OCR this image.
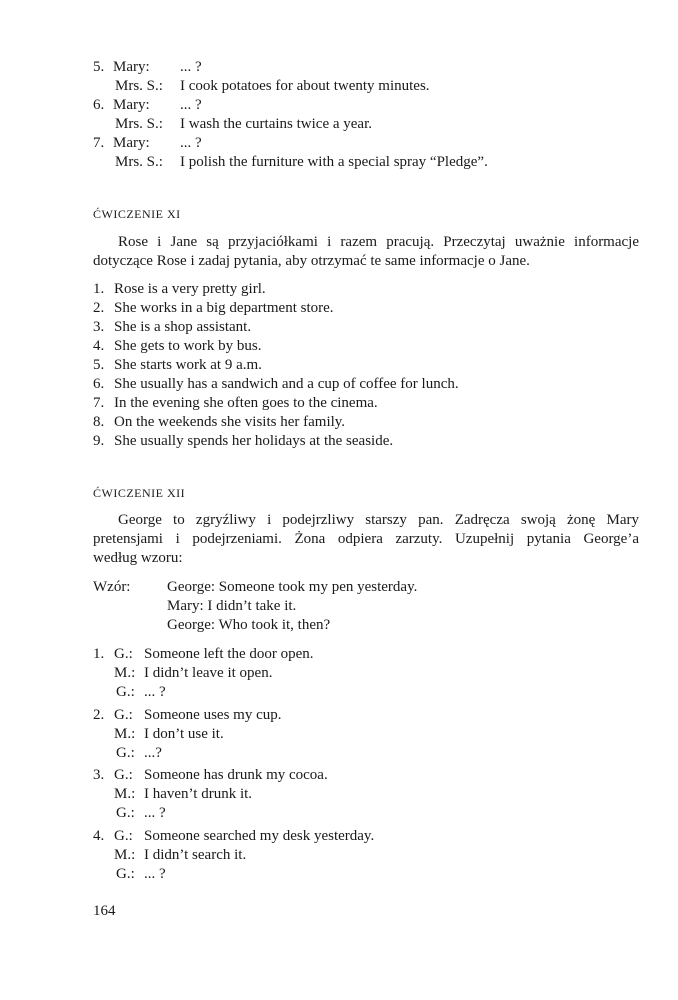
5. Mary: ... ?
Mrs. S.: I cook potatoes for about twenty minutes.
6. Mary: ... ?
Mrs. S.: I wash the curtains twice a year.
7. Mary: ... ?
Mrs. S.: I polish the furniture with a special spray “Pledge”.
ĆWICZENIE XI
Rose i Jane są przyjaciółkami i razem pracują. Przeczytaj uważnie informacje
dotyczące Rose i zadaj pytania, aby otrzymać te same informacje o Jane.
1. Rose is a very pretty girl.
2. She works in a big department store.
3. She is a shop assistant.
4. She gets to work by bus.
5. She starts work at 9 a.m.
6. She usually has a sandwich and a cup of coffee for lunch.
7. In the evening she often goes to the cinema.
8. On the weekends she visits her family.
9. She usually spends her holidays at the seaside.
ĆWICZENIE XII
George to zgryźliwy i podejrzliwy starszy pan. Zadręcza swoją żonę Mary
pretensjami i podejrzeniami. Żona odpiera zarzuty. Uzupełnij pytania George’a
według wzoru:
Wzór: George: Someone took my pen yesterday.
Mary: I didn’t take it.
George: Who took it, then?
1. G.: Someone left the door open.
M.: I didn’t leave it open.
G.: ... ?
2. G.: Someone uses my cup.
M.: I don’t use it.
G.: ...?
3. G.: Someone has drunk my cocoa.
M.: I haven’t drunk it.
G.: ... ?
4. G.: Someone searched my desk yesterday.
M.: I didn’t search it.
G.: ... ?
164
